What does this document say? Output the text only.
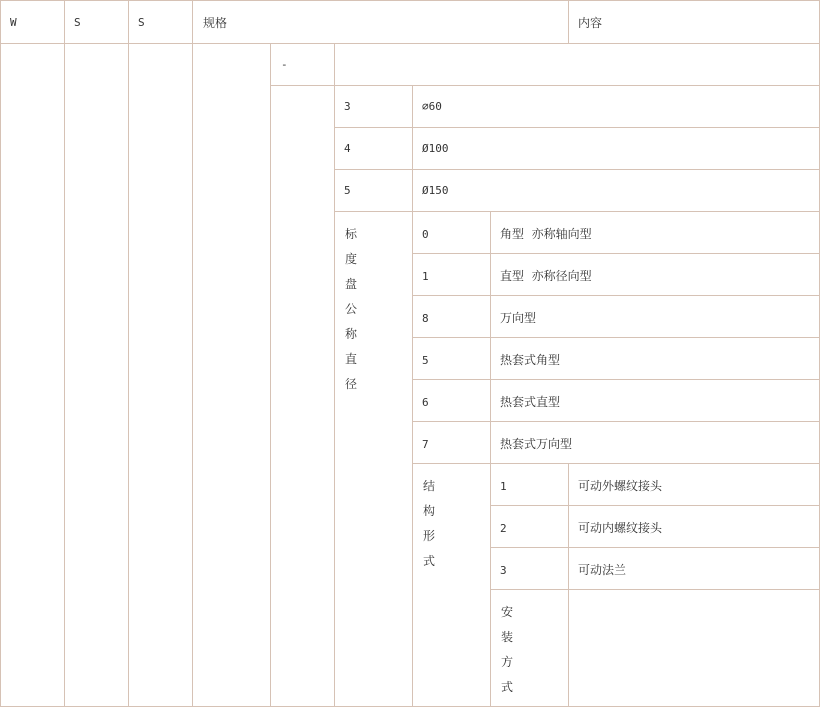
W	S	S	规格	内容
-
3	⌀60
4	Ø100
5	Ø150
标度盘公称直径
0	角型  亦称轴向型
1	直型  亦称径向型
8	万向型
5	热套式角型
6	热套式直型
7	热套式万向型
结构形式
1	可动外螺纹接头
2	可动内螺纹接头
3	可动法兰
安装方式
